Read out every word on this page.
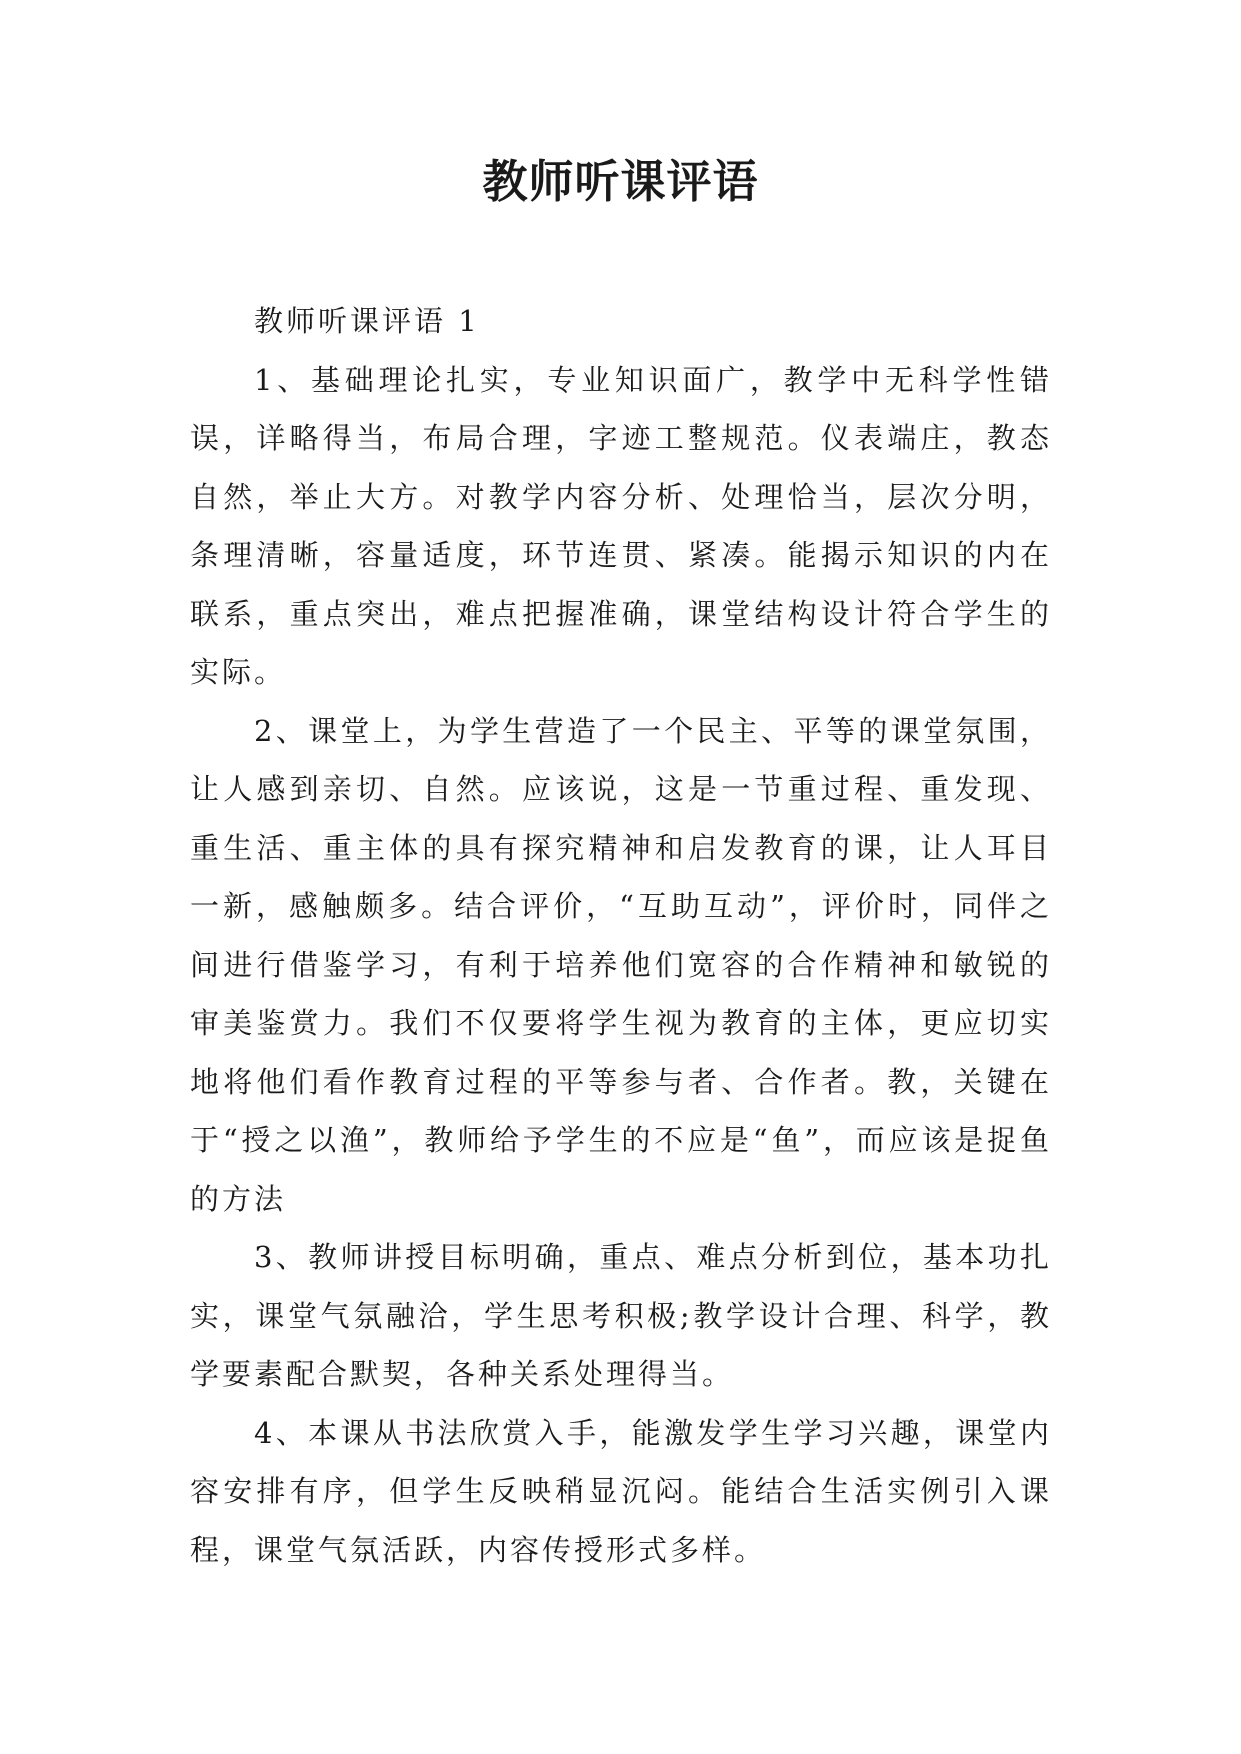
教师听课评语

教师听课评语 1

1、基础理论扎实，专业知识面广，教学中无科学性错误，详略得当，布局合理，字迹工整规范。仪表端庄，教态自然，举止大方。对教学内容分析、处理恰当，层次分明，条理清晰，容量适度，环节连贯、紧凑。能揭示知识的内在联系，重点突出，难点把握准确，课堂结构设计符合学生的实际。

2、课堂上，为学生营造了一个民主、平等的课堂氛围，让人感到亲切、自然。应该说，这是一节重过程、重发现、重生活、重主体的具有探究精神和启发教育的课，让人耳目一新，感触颇多。结合评价，“互助互动”，评价时，同伴之间进行借鉴学习，有利于培养他们宽容的合作精神和敏锐的审美鉴赏力。我们不仅要将学生视为教育的主体，更应切实地将他们看作教育过程的平等参与者、合作者。教，关键在于“授之以渔”，教师给予学生的不应是“鱼”，而应该是捉鱼的方法

3、教师讲授目标明确，重点、难点分析到位，基本功扎实，课堂气氛融洽，学生思考积极;教学设计合理、科学，教学要素配合默契，各种关系处理得当。

4、本课从书法欣赏入手，能激发学生学习兴趣，课堂内容安排有序，但学生反映稍显沉闷。能结合生活实例引入课程，课堂气氛活跃，内容传授形式多样。
